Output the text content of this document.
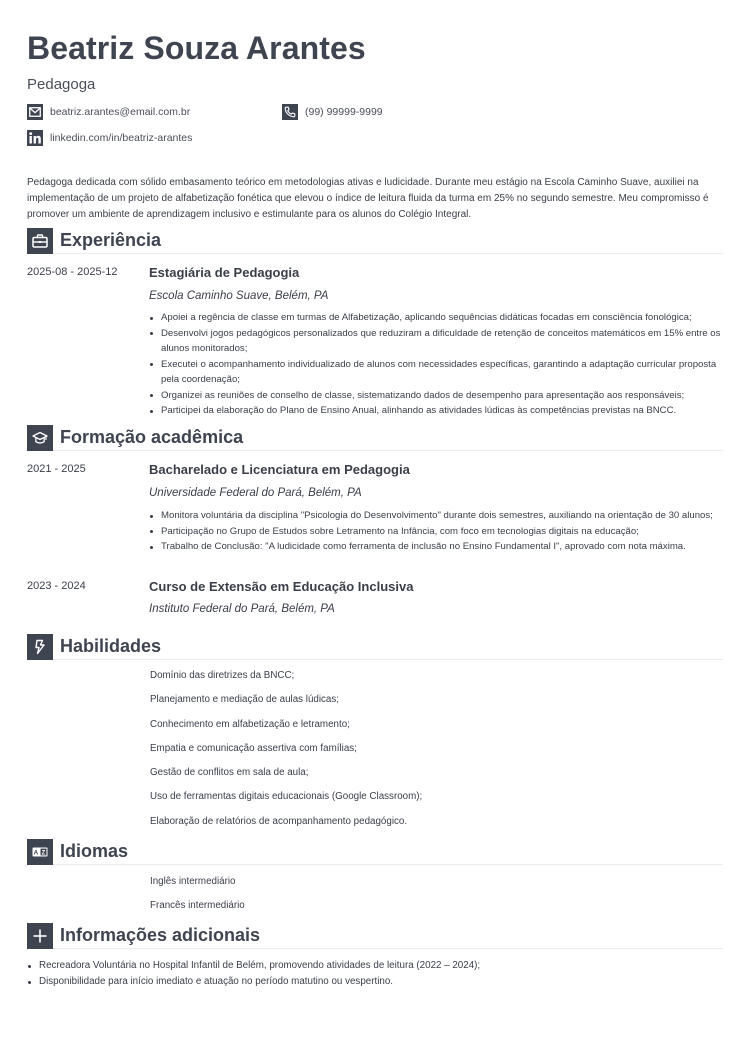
Beatriz Souza Arantes
Pedagoga
beatriz.arantes@email.com.br	(99) 99999-9999
linkedin.com/in/beatriz-arantes

Pedagoga dedicada com sólido embasamento teórico em metodologias ativas e ludicidade. Durante meu estágio na Escola Caminho Suave, auxiliei na implementação de um projeto de alfabetização fonética que elevou o índice de leitura fluida da turma em 25% no segundo semestre. Meu compromisso é promover um ambiente de aprendizagem inclusivo e estimulante para os alunos do Colégio Integral.

Experiência
2025-08 - 2025-12 Estagiária de Pedagogia
Escola Caminho Suave, Belém, PA
Apoiei a regência de classe em turmas de Alfabetização, aplicando sequências didáticas focadas em consciência fonológica;
Desenvolvi jogos pedagógicos personalizados que reduziram a dificuldade de retenção de conceitos matemáticos em 15% entre os alunos monitorados;
Executei o acompanhamento individualizado de alunos com necessidades específicas, garantindo a adaptação curricular proposta pela coordenação;
Organizei as reuniões de conselho de classe, sistematizando dados de desempenho para apresentação aos responsáveis;
Participei da elaboração do Plano de Ensino Anual, alinhando as atividades lúdicas às competências previstas na BNCC.
Formação acadêmica
2021 - 2025	Bacharelado e Licenciatura em Pedagogia
Universidade Federal do Pará, Belém, PA
Monitora voluntária da disciplina "Psicologia do Desenvolvimento" durante dois semestres, auxiliando na orientação de 30 alunos;
Participação no Grupo de Estudos sobre Letramento na Infância, com foco em tecnologias digitais na educação;
Trabalho de Conclusão: "A ludicidade como ferramenta de inclusão no Ensino Fundamental I", aprovado com nota máxima.
2023 - 2024	Curso de Extensão em Educação Inclusiva
Instituto Federal do Pará, Belém, PA
Habilidades
Domínio das diretrizes da BNCC;
Planejamento e mediação de aulas lúdicas;
Conhecimento em alfabetização e letramento;
Empatia e comunicação assertiva com famílias;
Gestão de conflitos em sala de aula;
Uso de ferramentas digitais educacionais (Google Classroom);
Elaboração de relatórios de acompanhamento pedagógico.
A Z Idiomas
Inglês intermediário
Francês intermediário
Informações adicionais
Recreadora Voluntária no Hospital Infantil de Belém, promovendo atividades de leitura (2022 – 2024);
Disponibilidade para início imediato e atuação no período matutino ou vespertino.
